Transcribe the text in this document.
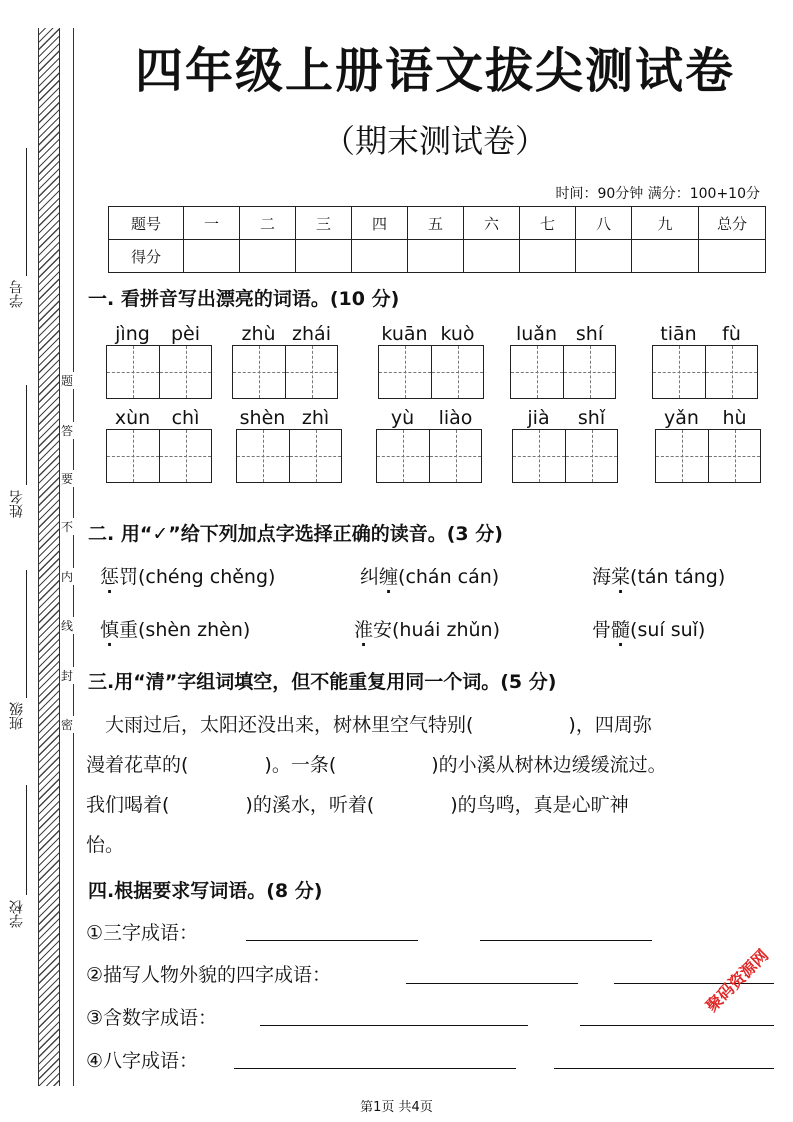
学号
姓名
班级
学校
题
答
要
不
内
线
封
密
四年级上册语文拔尖测试卷
（期末测试卷）
时间：90分钟 满分：100+10分
题号	一	二	三	四	五	六	七	八	九	总分
得分										
一. 看拼音写出漂亮的词语。(10 分)
jìng	pèi	zhù zhái	kuān kuò	luǎn shí	tiān	fù
xùn	chì	shèn zhì	yù	liào	jià	shǐ	yǎn	hù
二. 用“✓”给下列加点字选择正确的读音。(3 分)
惩罚(chéng chěng)	纠缠(chán cán)	海棠(tán táng)
慎重(shèn zhèn)	淮安(huái zhǔn)	骨髓(suí suǐ)
三.用“清”字组词填空，但不能重复用同一个词。(5 分)
　大雨过后，太阳还没出来，树林里空气特别(　　　　　)，四周弥
漫着花草的(　　　　)。一条(　　　　　)的小溪从树林边缓缓流过。
我们喝着(　　　　)的溪水，听着(　　　　)的鸟鸣，真是心旷神
怡。
四.根据要求写词语。(8 分)
①三字成语：
②描写人物外貌的四字成语：
③含数字成语：
④八字成语：
聚码资源网
第1页 共4页
